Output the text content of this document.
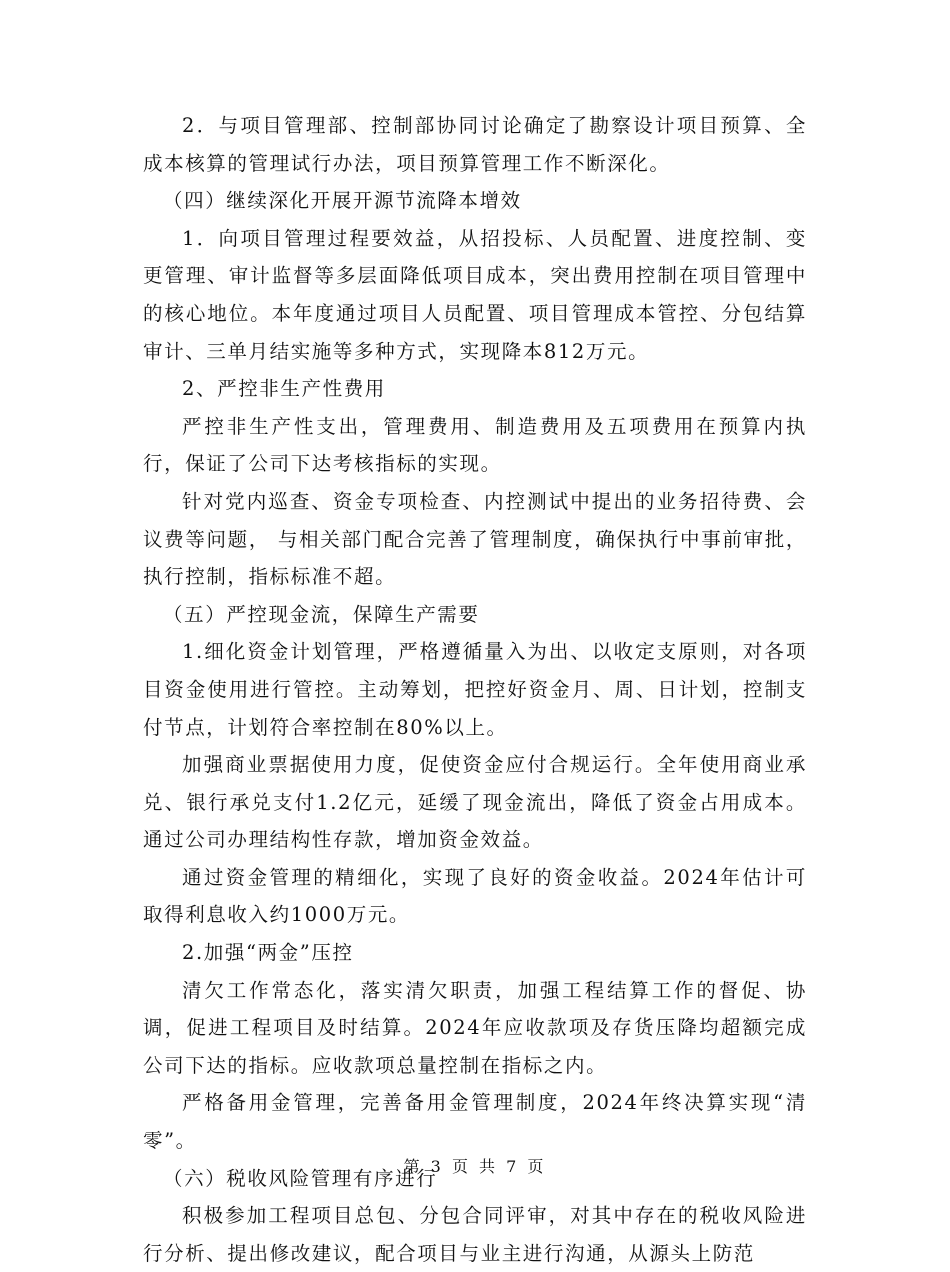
2．与项目管理部、控制部协同讨论确定了勘察设计项目预算、全成本核算的管理试行办法，项目预算管理工作不断深化。

（四）继续深化开展开源节流降本增效

1．向项目管理过程要效益，从招投标、人员配置、进度控制、变更管理、审计监督等多层面降低项目成本，突出费用控制在项目管理中的核心地位。本年度通过项目人员配置、项目管理成本管控、分包结算审计、三单月结实施等多种方式，实现降本812万元。

2、严控非生产性费用

严控非生产性支出，管理费用、制造费用及五项费用在预算内执行，保证了公司下达考核指标的实现。

针对党内巡查、资金专项检查、内控测试中提出的业务招待费、会议费等问题， 与相关部门配合完善了管理制度，确保执行中事前审批，执行控制，指标标准不超。

（五）严控现金流，保障生产需要

1.细化资金计划管理，严格遵循量入为出、以收定支原则，对各项目资金使用进行管控。主动筹划，把控好资金月、周、日计划，控制支付节点，计划符合率控制在80%以上。

加强商业票据使用力度，促使资金应付合规运行。全年使用商业承兑、银行承兑支付1.2亿元，延缓了现金流出，降低了资金占用成本。通过公司办理结构性存款，增加资金效益。

通过资金管理的精细化，实现了良好的资金收益。2024年估计可取得利息收入约1000万元。

2.加强“两金”压控

清欠工作常态化，落实清欠职责，加强工程结算工作的督促、协调，促进工程项目及时结算。2024年应收款项及存货压降均超额完成公司下达的指标。应收款项总量控制在指标之内。

严格备用金管理，完善备用金管理制度，2024年终决算实现“清零”。

（六）税收风险管理有序进行

积极参加工程项目总包、分包合同评审，对其中存在的税收风险进行分析、提出修改建议，配合项目与业主进行沟通，从源头上防范

第 3 页 共 7 页
